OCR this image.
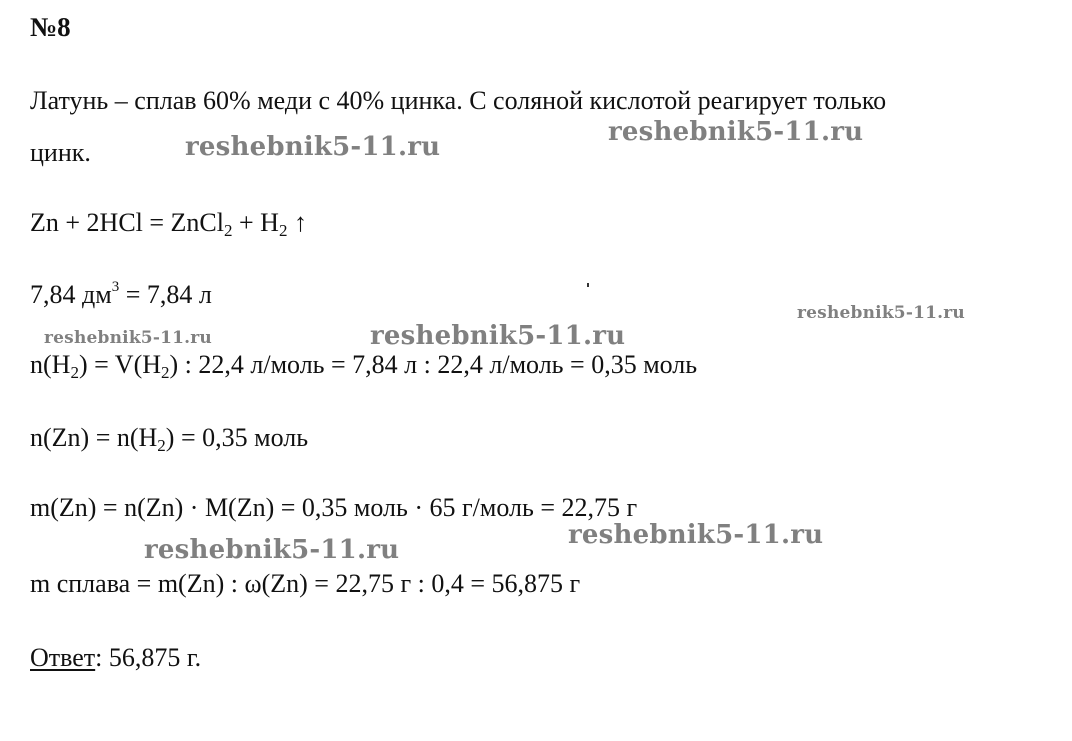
№8
Латунь – сплав 60% меди с 40% цинка. С соляной кислотой реагирует только
цинк.
Zn + 2HCl = ZnCl$_2$ + $H_2$ ↑
7,84 $дм^3 = 7,84$ л
$n(H_2) = V(H_2)$ : 22,4 л/моль = 7,84 л : 22,4 л/моль = 0,35 моль
$n(Zn) = n(H_2) = 0,35$ моль
m(Zn) = n(Zn) · M(Zn) = 0,35 моль · 65 г/моль = 22,75 г
m сплава = m(Zn) : ω(Zn) = 22,75 г : 0,4 = 56,875 г
Ответ: 56,875 г.
reshebnik5-11.ru	reshebnik5-11.ru
reshebnik5-11.ru
reshebnik5-11.ru	reshebnik5-11.ru
reshebnik5-11.ru	reshebnik5-11.ru
